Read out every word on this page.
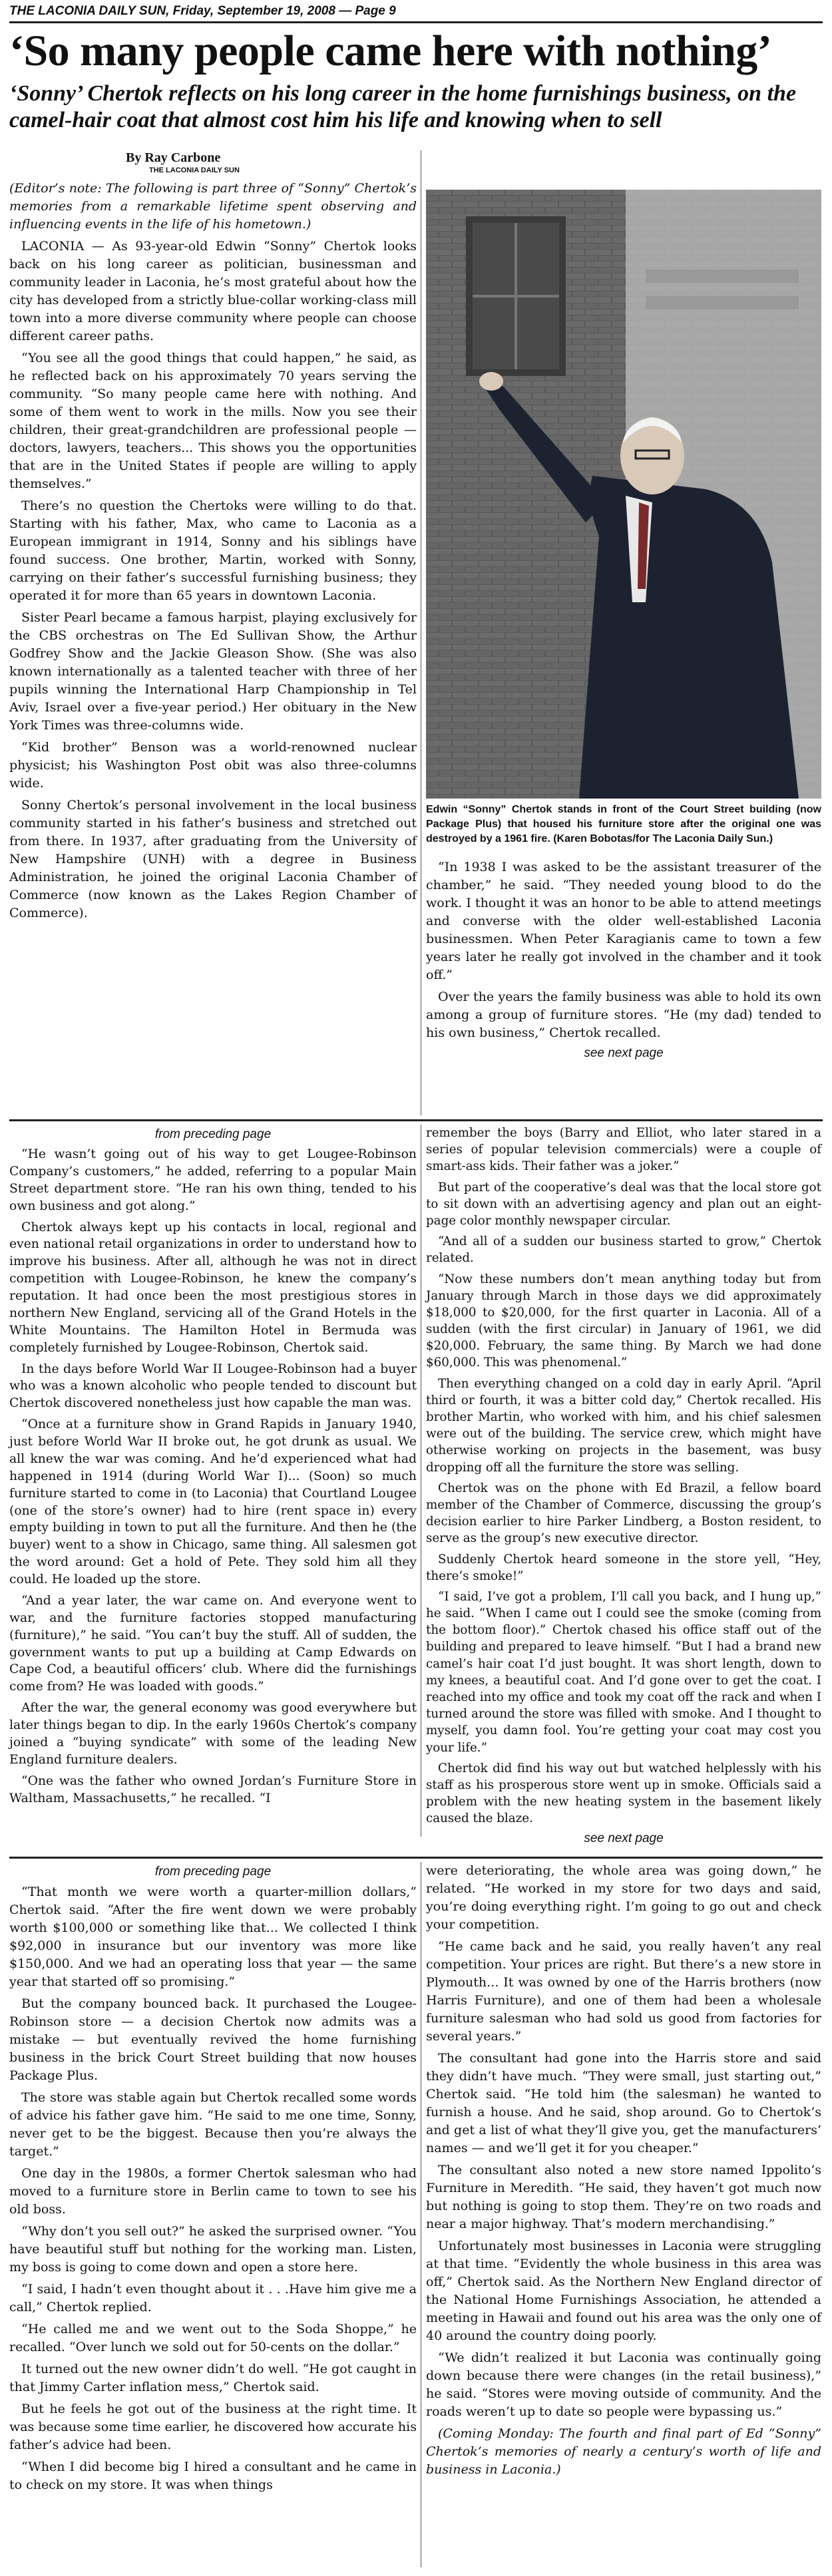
THE LACONIA DAILY SUN, Friday, September 19, 2008 — Page 9
‘So many people came here with nothing’
‘Sonny’ Chertok reflects on his long career in the home furnishings business, on the camel-hair coat that almost cost him his life and knowing when to sell
By Ray Carbone
THE LACONIA DAILY SUN

(Editor’s note: The following is part three of “Sonny” Chertok’s memories from a remarkable lifetime spent observing and influencing events in the life of his hometown.)

LACONIA — As 93-year-old Edwin “Sonny” Chertok looks back on his long career as politician, businessman and community leader in Laconia, he’s most grateful about how the city has developed from a strictly blue-collar working-class mill town into a more diverse community where people can choose different career paths.

“You see all the good things that could happen,” he said, as he reflected back on his approximately 70 years serving the community. “So many people came here with nothing. And some of them went to work in the mills. Now you see their children, their great-grandchildren are professional people — doctors, lawyers, teachers... This shows you the opportunities that are in the United States if people are willing to apply themselves.”

There’s no question the Chertoks were willing to do that. Starting with his father, Max, who came to Laconia as a European immigrant in 1914, Sonny and his siblings have found success. One brother, Martin, worked with Sonny, carrying on their father’s successful furnishing business; they operated it for more than 65 years in downtown Laconia.

Sister Pearl became a famous harpist, playing exclusively for the CBS orchestras on The Ed Sullivan Show, the Arthur Godfrey Show and the Jackie Gleason Show. (She was also known internationally as a talented teacher with three of her pupils winning the International Harp Championship in Tel Aviv, Israel over a five-year period.) Her obituary in the New York Times was three-columns wide.

“Kid brother” Benson was a world-renowned nuclear physicist; his Washington Post obit was also three-columns wide.

Sonny Chertok’s personal involvement in the local business community started in his father’s business and stretched out from there. In 1937, after graduating from the University of New Hampshire (UNH) with a degree in Business Administration, he joined the original Laconia Chamber of Commerce (now known as the Lakes Region Chamber of Commerce).

Edwin “Sonny” Chertok stands in front of the Court Street building (now Package Plus) that housed his furniture store after the original one was destroyed by a 1961 fire. (Karen Bobotas/for The Laconia Daily Sun.)

“In 1938 I was asked to be the assistant treasurer of the chamber,” he said. “They needed young blood to do the work. I thought it was an honor to be able to attend meetings and converse with the older well-established Laconia businessmen. When Peter Karagianis came to town a few years later he really got involved in the chamber and it took off.”

Over the years the family business was able to hold its own among a group of furniture stores. “He (my dad) tended to his own business,” Chertok recalled.

see next page
from preceding page

“He wasn’t going out of his way to get Lougee-Robinson Company’s customers,” he added, referring to a popular Main Street department store. “He ran his own thing, tended to his own business and got along.”

Chertok always kept up his contacts in local, regional and even national retail organizations in order to understand how to improve his business. After all, although he was not in direct competition with Lougee-Robinson, he knew the company’s reputation. It had once been the most prestigious stores in northern New England, servicing all of the Grand Hotels in the White Mountains. The Hamilton Hotel in Bermuda was completely furnished by Lougee-Robinson, Chertok said.

In the days before World War II Lougee-Robinson had a buyer who was a known alcoholic who people tended to discount but Chertok discovered nonetheless just how capable the man was.

“Once at a furniture show in Grand Rapids in January 1940, just before World War II broke out, he got drunk as usual. We all knew the war was coming. And he’d experienced what had happened in 1914 (during World War I)... (Soon) so much furniture started to come in (to Laconia) that Courtland Lougee (one of the store’s owner) had to hire (rent space in) every empty building in town to put all the furniture. And then he (the buyer) went to a show in Chicago, same thing. All salesmen got the word around: Get a hold of Pete. They sold him all they could. He loaded up the store.

“And a year later, the war came on. And everyone went to war, and the furniture factories stopped manufacturing (furniture),” he said. “You can’t buy the stuff. All of sudden, the government wants to put up a building at Camp Edwards on Cape Cod, a beautiful officers’ club. Where did the furnishings come from? He was loaded with goods.”

After the war, the general economy was good everywhere but later things began to dip. In the early 1960s Chertok’s company joined a “buying syndicate” with some of the leading New England furniture dealers.

“One was the father who owned Jordan’s Furniture Store in Waltham, Massachusetts,” he recalled. “I

remember the boys (Barry and Elliot, who later stared in a series of popular television commercials) were a couple of smart-ass kids. Their father was a joker.”

But part of the cooperative’s deal was that the local store got to sit down with an advertising agency and plan out an eight-page color monthly newspaper circular.

“And all of a sudden our business started to grow,” Chertok related.

“Now these numbers don’t mean anything today but from January through March in those days we did approximately $18,000 to $20,000, for the first quarter in Laconia. All of a sudden (with the first circular) in January of 1961, we did $20,000. February, the same thing. By March we had done $60,000. This was phenomenal.”

Then everything changed on a cold day in early April. “April third or fourth, it was a bitter cold day,” Chertok recalled. His brother Martin, who worked with him, and his chief salesmen were out of the building. The service crew, which might have otherwise working on projects in the basement, was busy dropping off all the furniture the store was selling.

Chertok was on the phone with Ed Brazil, a fellow board member of the Chamber of Commerce, discussing the group’s decision earlier to hire Parker Lindberg, a Boston resident, to serve as the group’s new executive director.

Suddenly Chertok heard someone in the store yell, “Hey, there’s smoke!”

“I said, I’ve got a problem, I’ll call you back, and I hung up,” he said. “When I came out I could see the smoke (coming from the bottom floor).” Chertok chased his office staff out of the building and prepared to leave himself. “But I had a brand new camel’s hair coat I’d just bought. It was short length, down to my knees, a beautiful coat. And I’d gone over to get the coat. I reached into my office and took my coat off the rack and when I turned around the store was filled with smoke. And I thought to myself, you damn fool. You’re getting your coat may cost you your life.”

Chertok did find his way out but watched helplessly with his staff as his prosperous store went up in smoke. Officials said a problem with the new heating system in the basement likely caused the blaze.

see next page
from preceding page

“That month we were worth a quarter-million dollars,” Chertok said. “After the fire went down we were probably worth $100,000 or something like that... We collected I think $92,000 in insurance but our inventory was more like $150,000. And we had an operating loss that year — the same year that started off so promising.”

But the company bounced back. It purchased the Lougee-Robinson store — a decision Chertok now admits was a mistake — but eventually revived the home furnishing business in the brick Court Street building that now houses Package Plus.

The store was stable again but Chertok recalled some words of advice his father gave him. “He said to me one time, Sonny, never get to be the biggest. Because then you’re always the target.”

One day in the 1980s, a former Chertok salesman who had moved to a furniture store in Berlin came to town to see his old boss.

“Why don’t you sell out?” he asked the surprised owner. “You have beautiful stuff but nothing for the working man. Listen, my boss is going to come down and open a store here.

“I said, I hadn’t even thought about it . . .Have him give me a call,” Chertok replied.

“He called me and we went out to the Soda Shoppe,” he recalled. “Over lunch we sold out for 50-cents on the dollar.”

It turned out the new owner didn’t do well. “He got caught in that Jimmy Carter inflation mess,” Chertok said.

But he feels he got out of the business at the right time. It was because some time earlier, he discovered how accurate his father’s advice had been.

“When I did become big I hired a consultant and he came in to check on my store. It was when things

were deteriorating, the whole area was going down,” he related. “He worked in my store for two days and said, you’re doing everything right. I’m going to go out and check your competition.

“He came back and he said, you really haven’t any real competition. Your prices are right. But there’s a new store in Plymouth... It was owned by one of the Harris brothers (now Harris Furniture), and one of them had been a wholesale furniture salesman who had sold us good from factories for several years.”

The consultant had gone into the Harris store and said they didn’t have much. “They were small, just starting out,” Chertok said. “He told him (the salesman) he wanted to furnish a house. And he said, shop around. Go to Chertok’s and get a list of what they’ll give you, get the manufacturers’ names — and we’ll get it for you cheaper.”

The consultant also noted a new store named Ippolito’s Furniture in Meredith. “He said, they haven’t got much now but nothing is going to stop them. They’re on two roads and near a major highway. That’s modern merchandising.”

Unfortunately most businesses in Laconia were struggling at that time. “Evidently the whole business in this area was off,” Chertok said. As the Northern New England director of the National Home Furnishings Association, he attended a meeting in Hawaii and found out his area was the only one of 40 around the country doing poorly.

“We didn’t realized it but Laconia was continually going down because there were changes (in the retail business),” he said. “Stores were moving outside of community. And the roads weren’t up to date so people were bypassing us.”

(Coming Monday: The fourth and final part of Ed “Sonny” Chertok’s memories of nearly a century’s worth of life and business in Laconia.)
